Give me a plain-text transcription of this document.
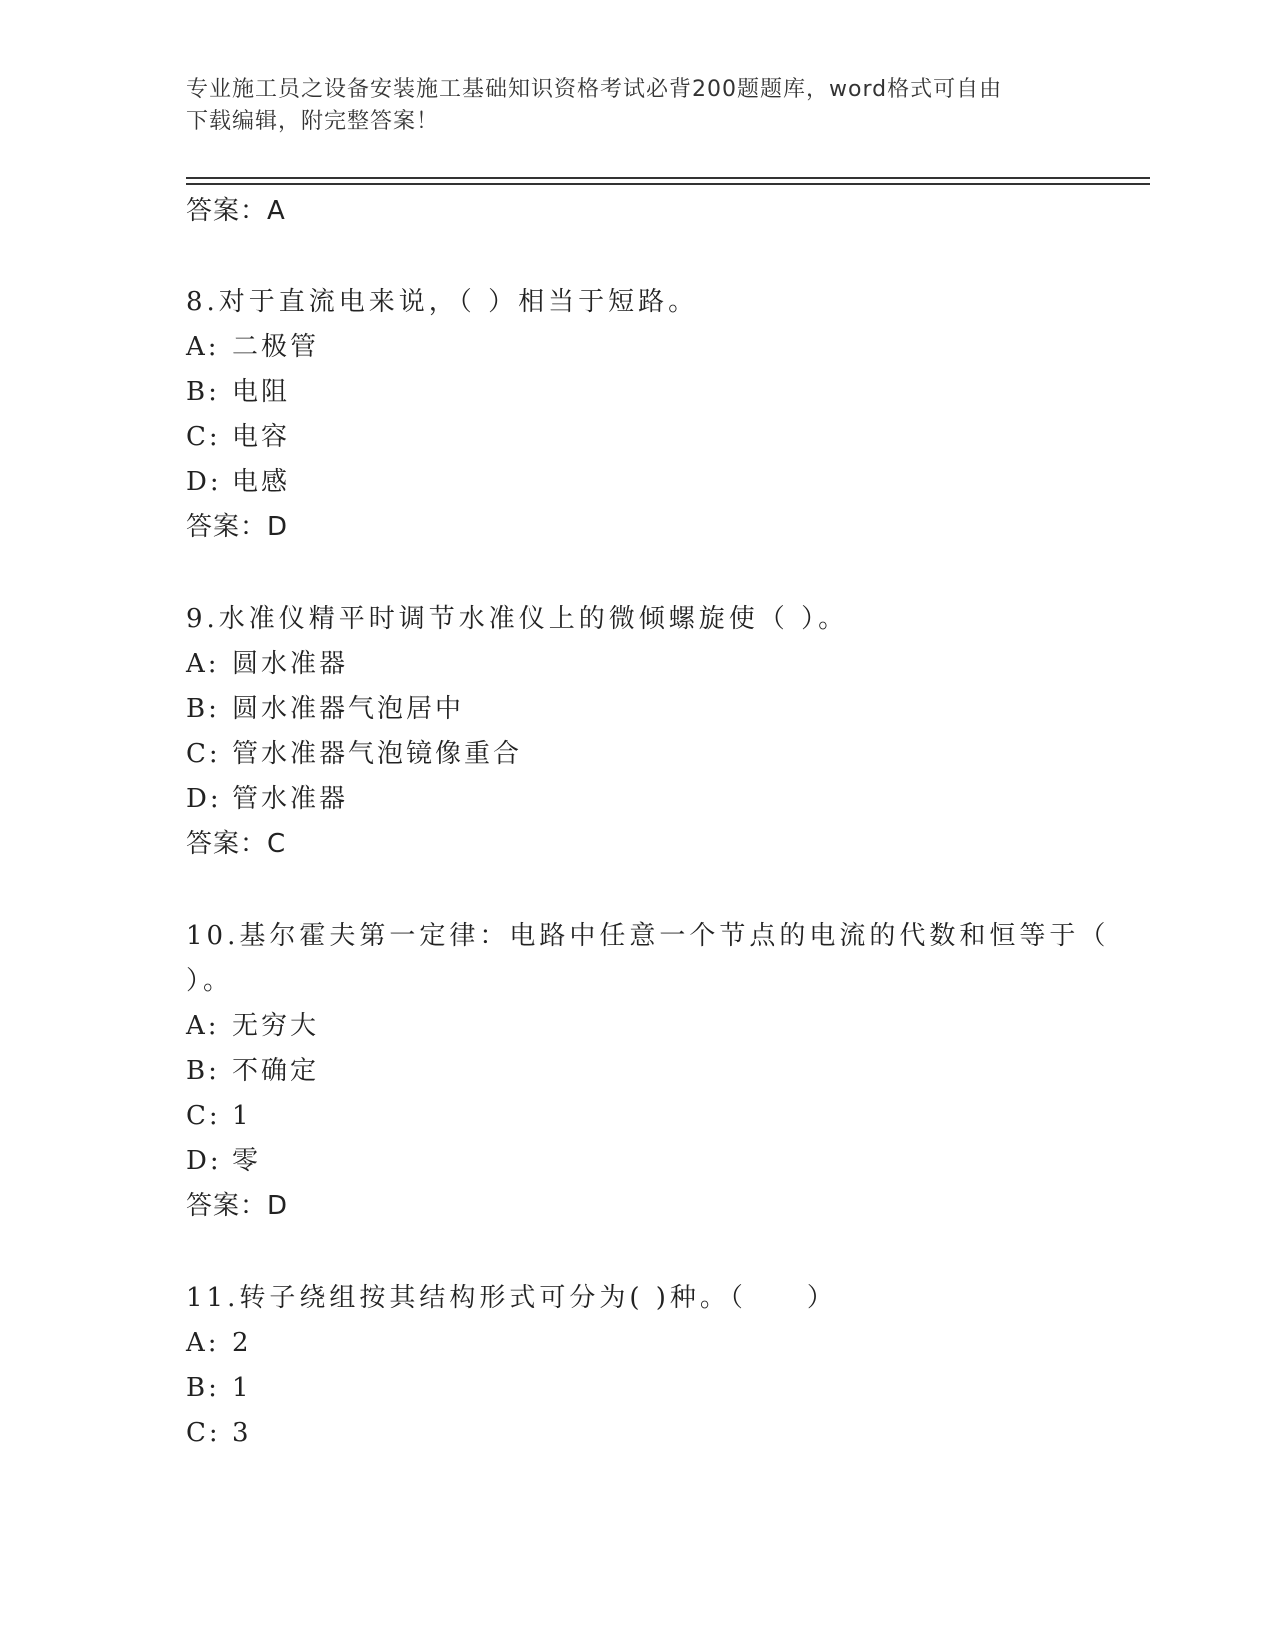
专业施工员之设备安装施工基础知识资格考试必背200题题库，word格式可自由
下载编辑，附完整答案！
答案：A
8.对于直流电来说，（ ）相当于短路。
A: 二极管
B: 电阻
C: 电容
D: 电感
答案：D
9.水准仪精平时调节水准仪上的微倾螺旋使（ ）。
A: 圆水准器
B: 圆水准器气泡居中
C: 管水准器气泡镜像重合
D: 管水准器
答案：C
10.基尔霍夫第一定律：电路中任意一个节点的电流的代数和恒等于（
）。
A: 无穷大
B: 不确定
C: 1
D: 零
答案：D
11.转子绕组按其结构形式可分为( )种。（　　）
A: 2
B: 1
C: 3
